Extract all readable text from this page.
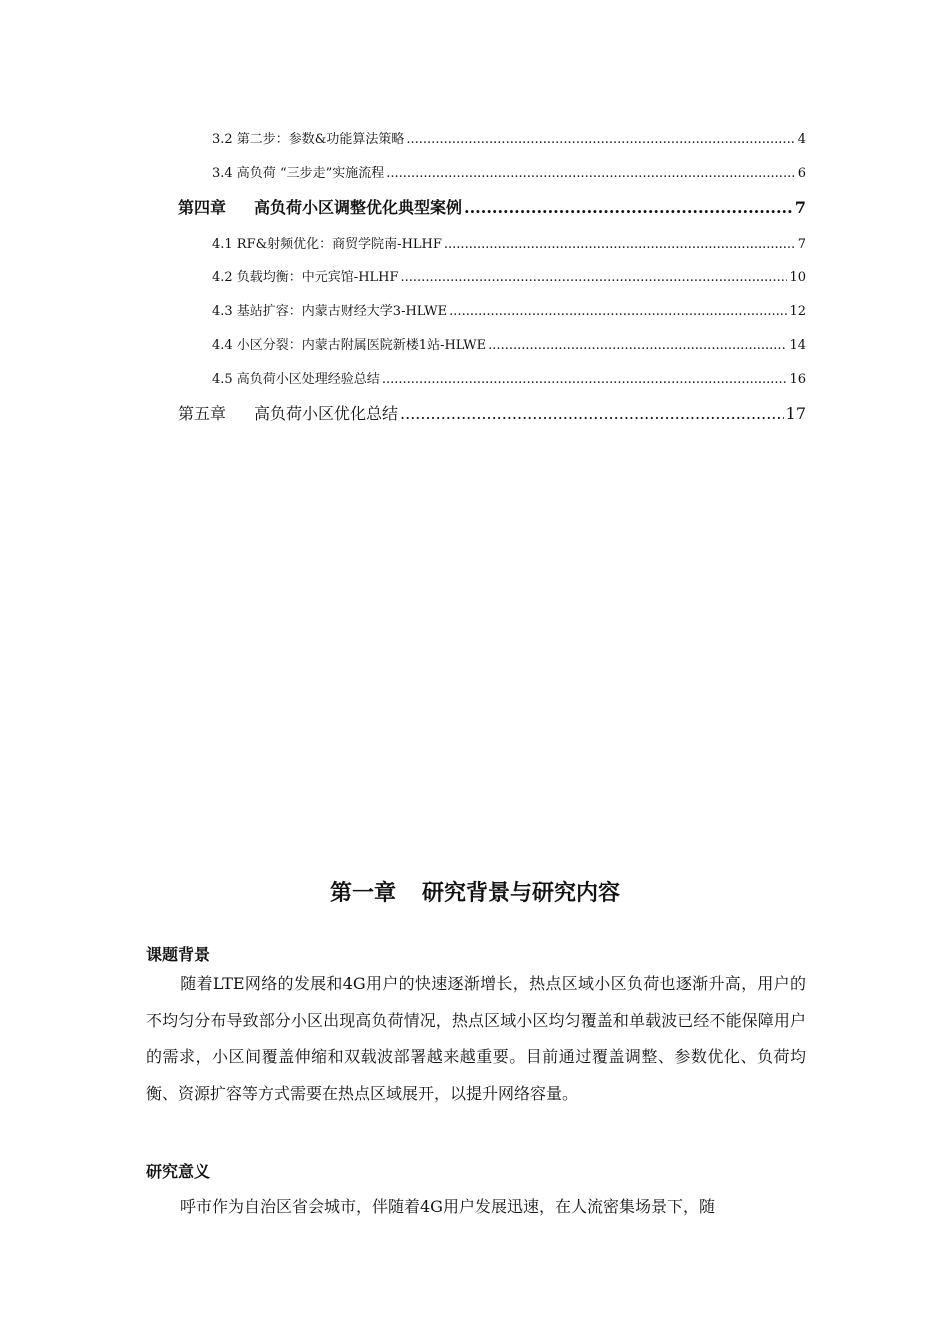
3.2 第二步：参数&功能算法策略 .....	4
3.4 高负荷 “三步走”实施流程 .....	6
第四章 高负荷小区调整优化典型案例 .....	7
4.1 RF&射频优化：商贸学院南-HLHF .....	7
4.2 负载均衡：中元宾馆-HLHF .....	10
4.3 基站扩容：内蒙古财经大学3-HLWE .....	12
4.4 小区分裂：内蒙古附属医院新楼1站-HLWE .....	14
4.5 高负荷小区处理经验总结 .....	16
第五章 高负荷小区优化总结 .....	17
第一章 研究背景与研究内容
课题背景

随着LTE网络的发展和4G用户的快速逐渐增长，热点区域小区负荷也逐渐升高，用户的不均匀分布导致部分小区出现高负荷情况，热点区域小区均匀覆盖和单载波已经不能保障用户的需求，小区间覆盖伸缩和双载波部署越来越重要。目前通过覆盖调整、参数优化、负荷均衡、资源扩容等方式需要在热点区域展开，以提升网络容量。

研究意义

呼市作为自治区省会城市，伴随着4G用户发展迅速，在人流密集场景下，随
